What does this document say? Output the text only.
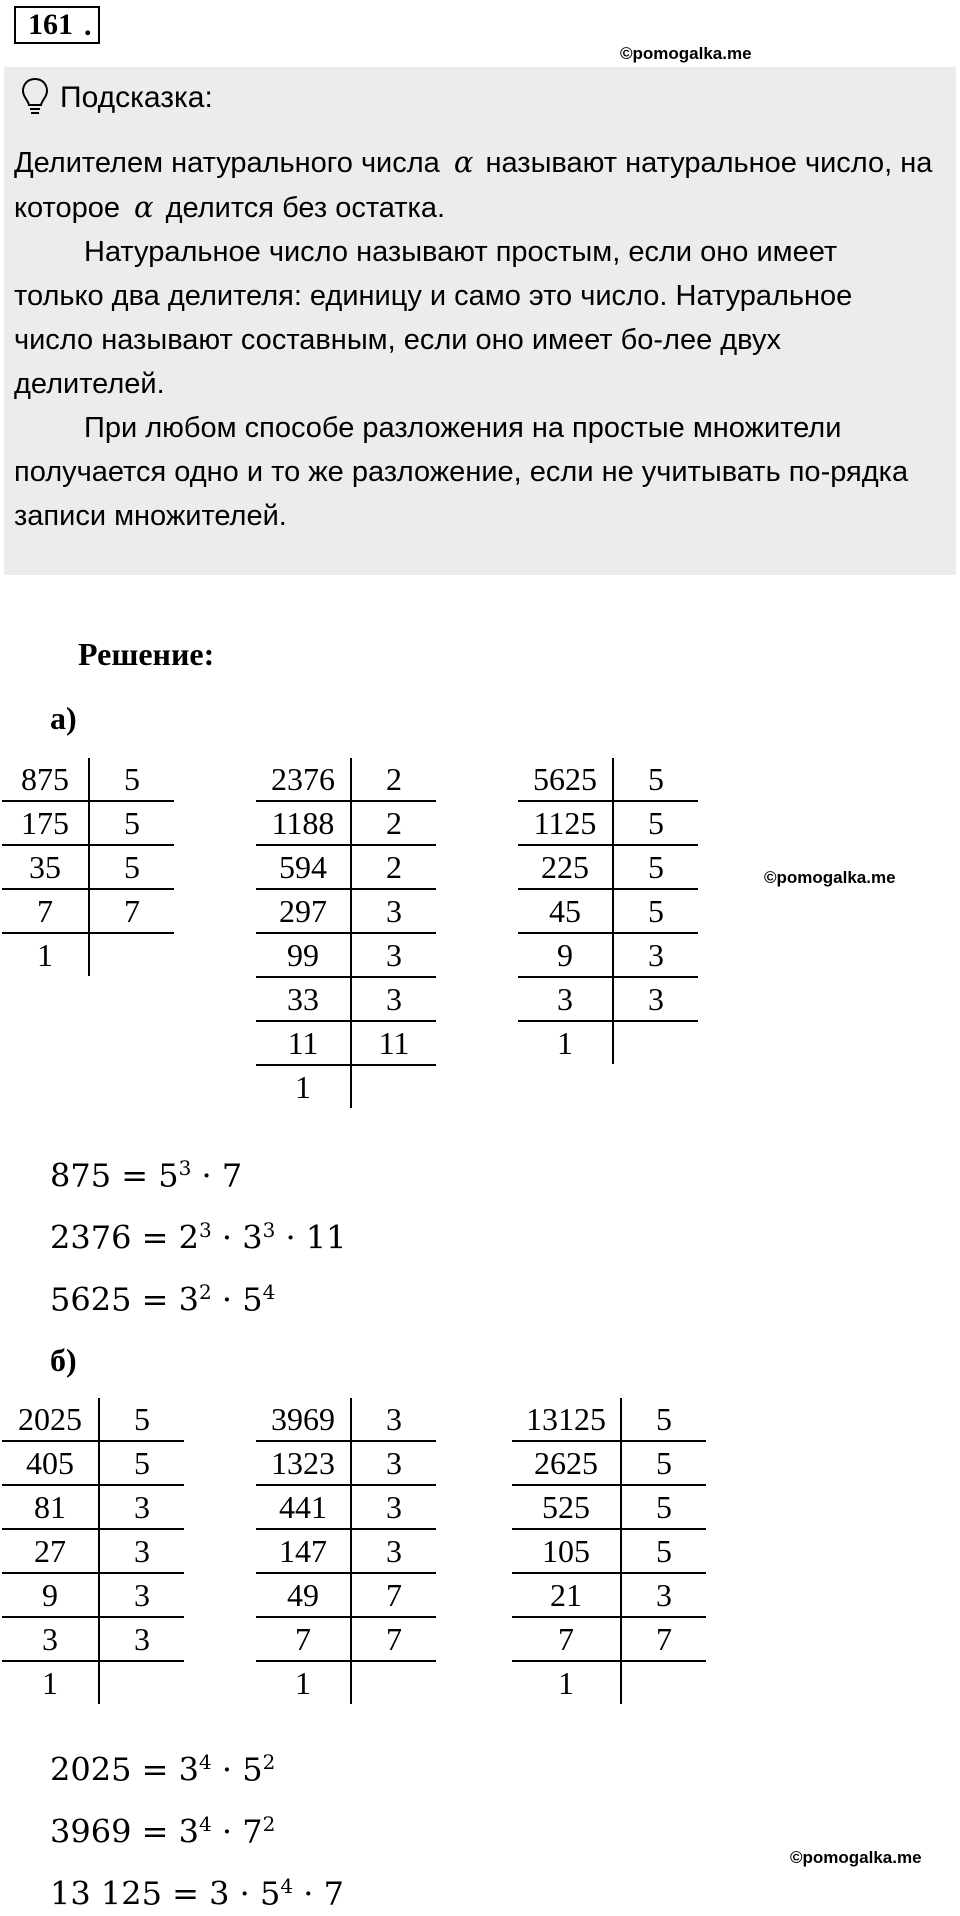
161 .
©pomogalka.me
Подсказка:

Делителем натурального числа α называют натуральное число, на которое α делится без остатка.

Натуральное число называют простым, если оно имеет только два делителя: единицу и само это число. Натуральное число называют составным, если оно имеет бо-лее двух делителей.

При любом способе разложения на простые множители получается одно и то же разложение, если не учитывать по-рядка записи множителей.

Решение:
а)
875	5
175	5
35	5
7	7
1	
2376	2
1188	2
594	2
297	3
99	3
33	3
11	11
1	
5625	5
1125	5
225	5
45	5
9	3
3	3
1	
©pomogalka.me
$875 = 5^3 \cdot 7$
$2376 = 2^3 \cdot 3^3 \cdot 11$
$5625 = 3^2 \cdot 5^4$
б)
2025	5
405	5
81	3
27	3
9	3
3	3
1	
3969	3
1323	3
441	3
147	3
49	7
7	7
1	
13125	5
2625	5
525	5
105	5
21	3
7	7
1	
$2025 = 3^4 \cdot 5^2$
$3969 = 3^4 \cdot 7^2$
13 $125 = 3 \cdot 5^4 \cdot 7$
©pomogalka.me
